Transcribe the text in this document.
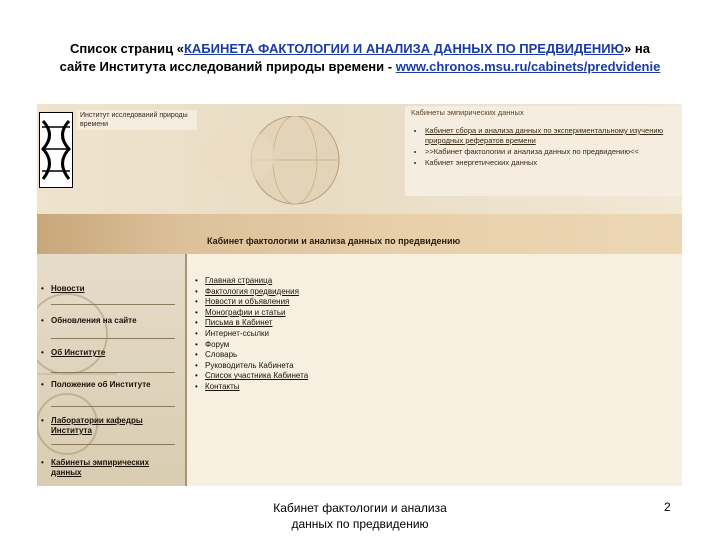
Список страниц «КАБИНЕТА ФАКТОЛОГИИ И АНАЛИЗА ДАННЫХ ПО ПРЕДВИДЕНИЮ» на
сайте Института исследований природы времени - www.chronos.msu.ru/cabinets/predvidenie
Институт исследований природы времени
Кабинеты эмпирических данных
• Кабинет сбора и анализа данных по экспериментальному изучению природных рефератов времени
• >>Кабинет фактологии и анализа данных по предвидению<<
• Кабинет энергетических данных
Кабинет фактологии и анализа данных по предвидению
• Новости
• Обновления на сайте
• Об Институте
• Положение об Институте
• Лаборатории кафедры Института
• Кабинеты эмпирических данных
• Главная страница
• Фактология предвидения
• Новости и объявления
• Монографии и статьи
• Письма в Кабинет
• Интернет-ссылки
• Форум
• Словарь
• Руководитель Кабинета
• Список участника Кабинета
• Контакты
Кабинет фактологии и анализа
данных по предвидению
2
